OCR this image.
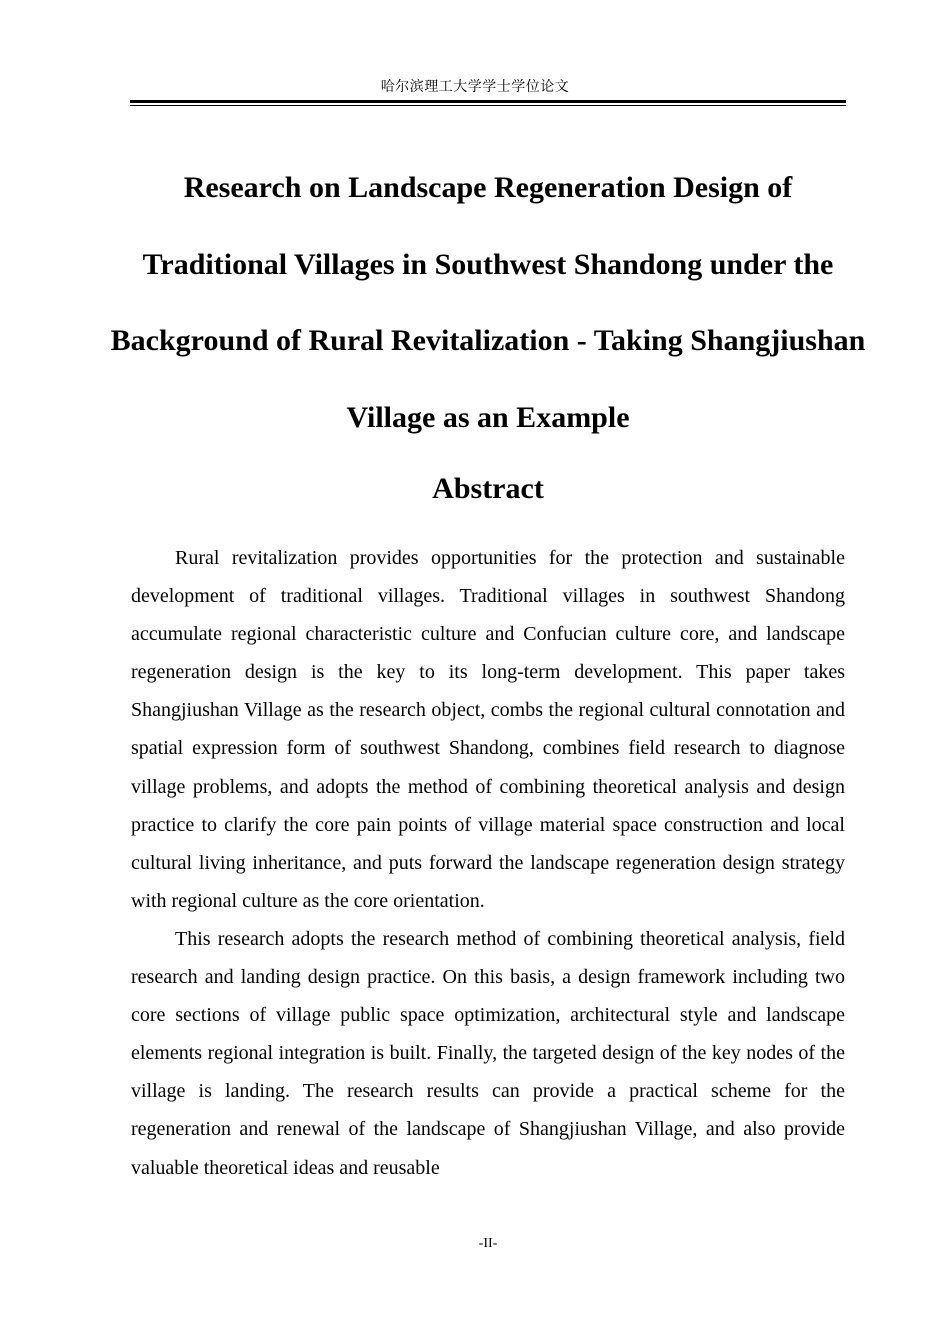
哈尔滨理工大学学士学位论文
Research on Landscape Regeneration Design of Traditional Villages in Southwest Shandong under the Background of Rural Revitalization - Taking Shangjiushan Village as an Example
Abstract

Rural revitalization provides opportunities for the protection and sustainable development of traditional villages. Traditional villages in southwest Shandong accumulate regional characteristic culture and Confucian culture core, and landscape regeneration design is the key to its long-term development. This paper takes Shangjiushan Village as the research object, combs the regional cultural connotation and spatial expression form of southwest Shandong, combines field research to diagnose village problems, and adopts the method of combining theoretical analysis and design practice to clarify the core pain points of village material space construction and local cultural living inheritance, and puts forward the landscape regeneration design strategy with regional culture as the core orientation.

This research adopts the research method of combining theoretical analysis, field research and landing design practice. On this basis, a design framework including two core sections of village public space optimization, architectural style and landscape elements regional integration is built. Finally, the targeted design of the key nodes of the village is landing. The research results can provide a practical scheme for the regeneration and renewal of the landscape of Shangjiushan Village, and also provide valuable theoretical ideas and reusable

-II-
